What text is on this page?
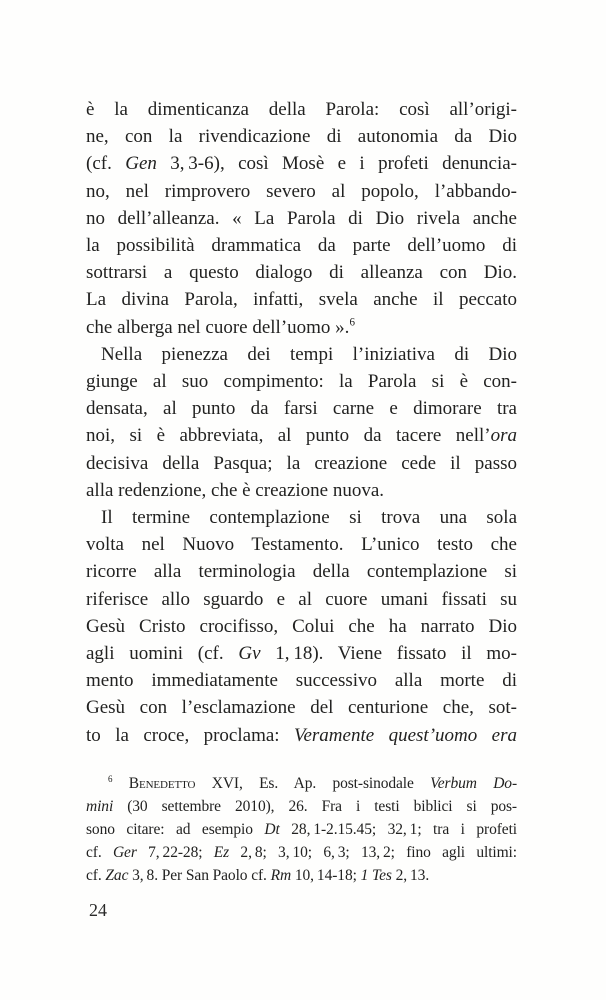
è la dimenticanza della Parola: così all’origi-
ne, con la rivendicazione di autonomia da Dio
(cf. Gen 3, 3-6), così Mosè e i profeti denuncia-
no, nel rimprovero severo al popolo, l’abbando-
no dell’alleanza. « La Parola di Dio rivela anche
la possibilità drammatica da parte dell’uomo di
sottrarsi a questo dialogo di alleanza con Dio.
La divina Parola, infatti, svela anche il peccato
che alberga nel cuore dell’uomo ».$^6$
Nella pienezza dei tempi l’iniziativa di Dio
giunge al suo compimento: la Parola si è con-
densata, al punto da farsi carne e dimorare tra
noi, si è abbreviata, al punto da tacere nell’ora
decisiva della Pasqua; la creazione cede il passo
alla redenzione, che è creazione nuova.
Il termine contemplazione si trova una sola
volta nel Nuovo Testamento. L’unico testo che
ricorre alla terminologia della contemplazione si
riferisce allo sguardo e al cuore umani fissati su
Gesù Cristo crocifisso, Colui che ha narrato Dio
agli uomini (cf. Gv 1, 18). Viene fissato il mo-
mento immediatamente successivo alla morte di
Gesù con l’esclamazione del centurione che, sot-
to la croce, proclama: Veramente quest’uomo era
$^6$ Benedetto XVI, Es. Ap. post-sinodale Verbum Do-
mini (30 settembre 2010), 26. Fra i testi biblici si pos-
sono citare: ad esempio Dt 28, 1-2.15.45; 32, 1; tra i profeti
cf. Ger 7, 22-28; Ez 2, 8; 3, 10; 6, 3; 13, 2; fino agli ultimi:
cf. Zac 3, 8. Per San Paolo cf. Rm 10, 14-18; 1 Tes 2, 13.
24
